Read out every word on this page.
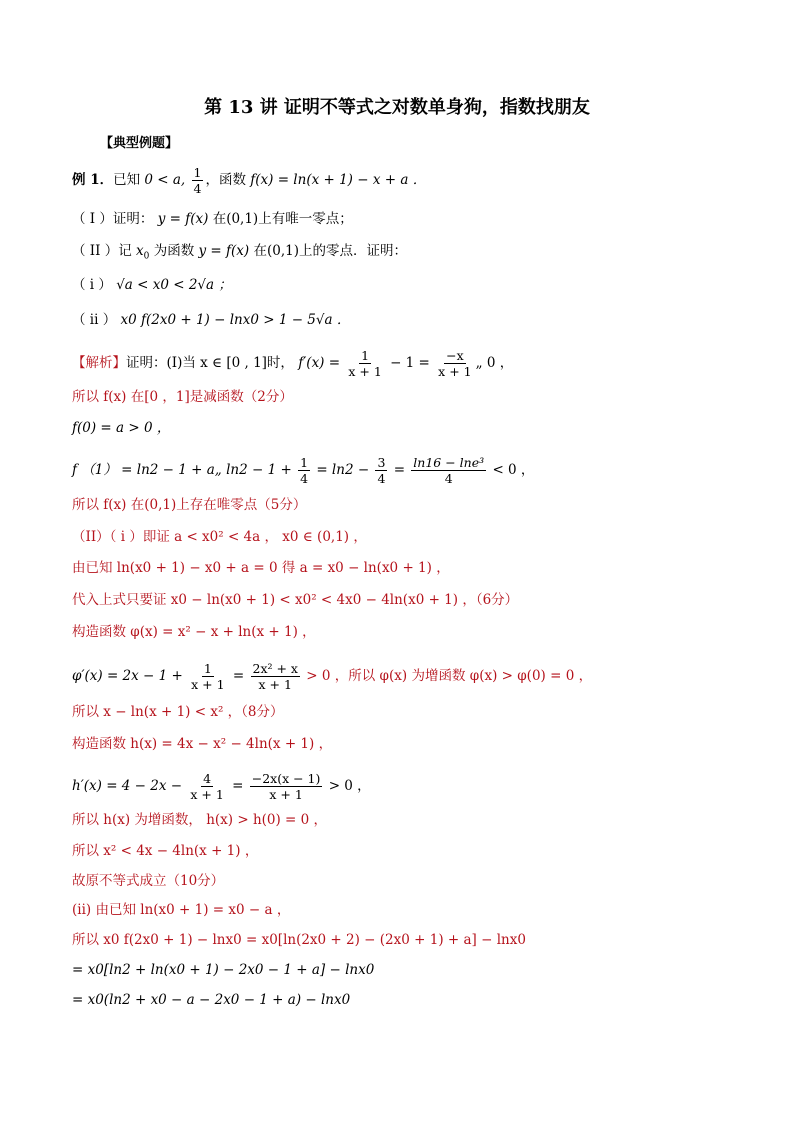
第 13 讲 证明不等式之对数单身狗，指数找朋友
【典型例题】
例 1．已知 0 < a, $\frac{1}{4}$ ，函数 f(x) = ln(x + 1) − x + a ．
（ I ）证明： y = f(x) 在(0,1)上有唯一零点；
（ II ）记 $x_0$ 为函数 y = f(x) 在(0,1)上的零点．证明：
（ i ） √a < x0 < 2√a ；
（ ii ） x0 f(2x0 + 1) − lnx0 > 1 − 5√a ．
【解析】证明：(I)当 x ∈ [0 , 1]时， $f'(x) = \frac{1}{x + 1} - 1 = \frac{-x}{x + 1}$ „ 0 ，
所以 f(x) 在[0 ，1]是减函数（2分）
f(0) = a > 0 ，
f （1） = ln2 − 1 + a„ $\ln 2 - 1 + \frac{1}{4} = \ln 2 - \frac{3}{4} = \frac{\text{ln16 − lne³}}{4} < 0$ ，
所以 f(x) 在(0,1)上存在唯零点（5分）
（II）（ i ）即证 a < x0² < 4a ， x0 ∈ (0,1) ，
由已知 ln(x0 + 1) − x0 + a = 0 得 a = x0 − ln(x0 + 1) ，
代入上式只要证 x0 − ln(x0 + 1) < x0² < 4x0 − 4ln(x0 + 1) ，（6分）
构造函数 φ(x) = x² − x + ln(x + 1) ，
$\varphi'(x) = 2x - 1 + \frac{1}{x + 1} = \frac{\text{2x² + x}}{x + 1} > 0$ ，所以 φ(x) 为增函数 φ(x) > φ(0) = 0 ，
所以 x − ln(x + 1) < x² ，（8分）
构造函数 h(x) = 4x − x² − 4ln(x + 1) ，
$h'(x) = 4 - 2x - \frac{4}{x + 1} = \frac{-2x(x - 1)}{x + 1} > 0$ ，
所以 h(x) 为增函数， h(x) > h(0) = 0 ，
所以 x² < 4x − 4ln(x + 1) ，
故原不等式成立（10分）
(ii) 由已知 ln(x0 + 1) = x0 − a ，
所以 x0 f(2x0 + 1) − lnx0 = x0[ln(2x0 + 2) − (2x0 + 1) + a] − lnx0
= x0[ln2 + ln(x0 + 1) − 2x0 − 1 + a] − lnx0
= x0(ln2 + x0 − a − 2x0 − 1 + a) − lnx0
